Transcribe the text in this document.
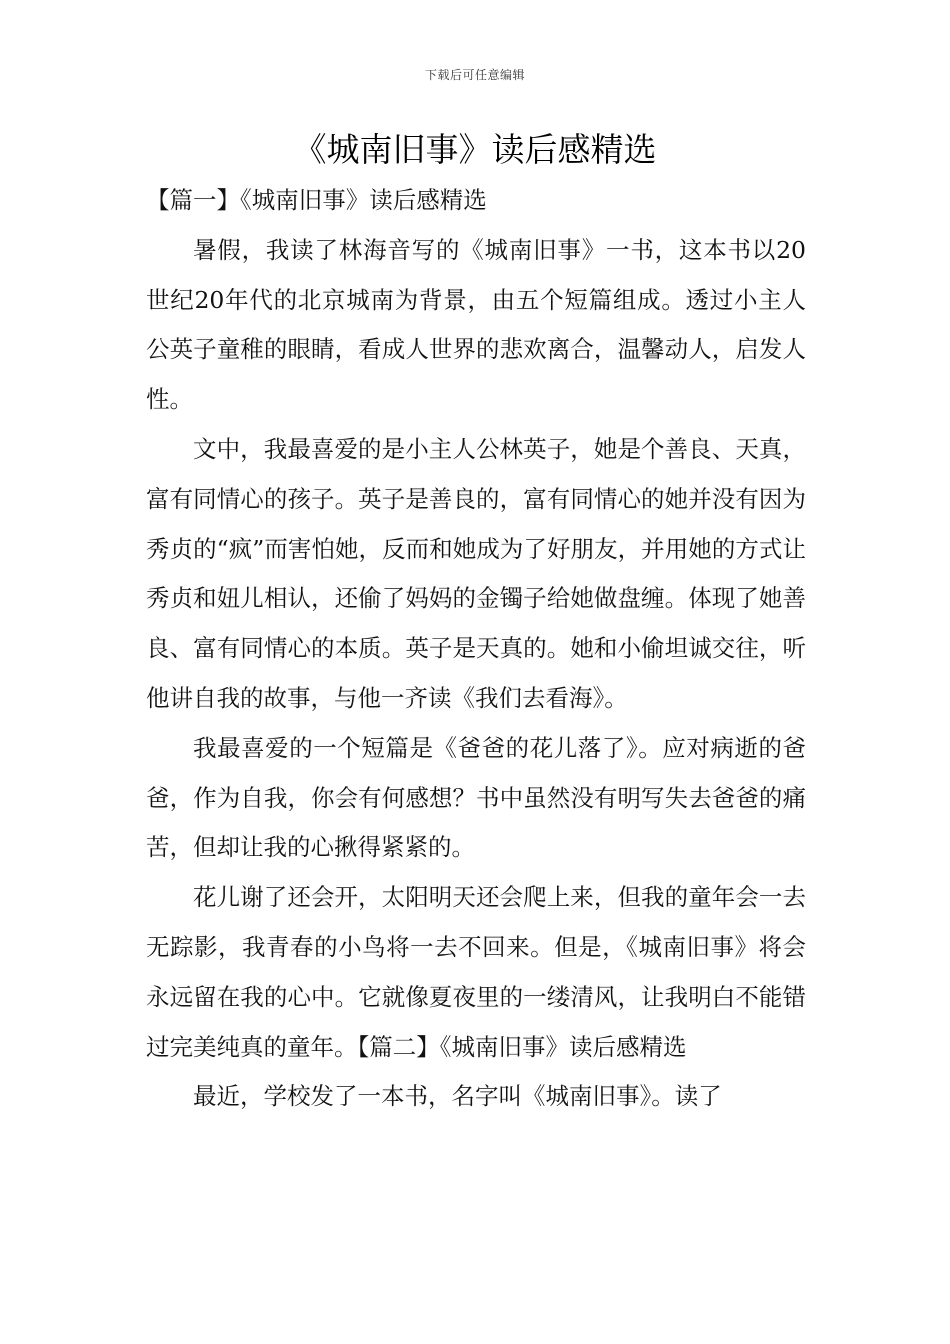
下载后可任意编辑
《城南旧事》读后感精选

【篇一】《城南旧事》读后感精选

暑假，我读了林海音写的《城南旧事》一书，这本书以20世纪20年代的北京城南为背景，由五个短篇组成。透过小主人公英子童稚的眼睛，看成人世界的悲欢离合，温馨动人，启发人性。

文中，我最喜爱的是小主人公林英子，她是个善良、天真，富有同情心的孩子。英子是善良的，富有同情心的她并没有因为秀贞的“疯”而害怕她，反而和她成为了好朋友，并用她的方式让秀贞和妞儿相认，还偷了妈妈的金镯子给她做盘缠。体现了她善良、富有同情心的本质。英子是天真的。她和小偷坦诚交往，听他讲自我的故事，与他一齐读《我们去看海》。

我最喜爱的一个短篇是《爸爸的花儿落了》。应对病逝的爸爸，作为自我，你会有何感想？书中虽然没有明写失去爸爸的痛苦，但却让我的心揪得紧紧的。

花儿谢了还会开，太阳明天还会爬上来，但我的童年会一去无踪影，我青春的小鸟将一去不回来。但是，《城南旧事》将会永远留在我的心中。它就像夏夜里的一缕清风，让我明白不能错过完美纯真的童年。【篇二】《城南旧事》读后感精选

最近，学校发了一本书，名字叫《城南旧事》。读了
